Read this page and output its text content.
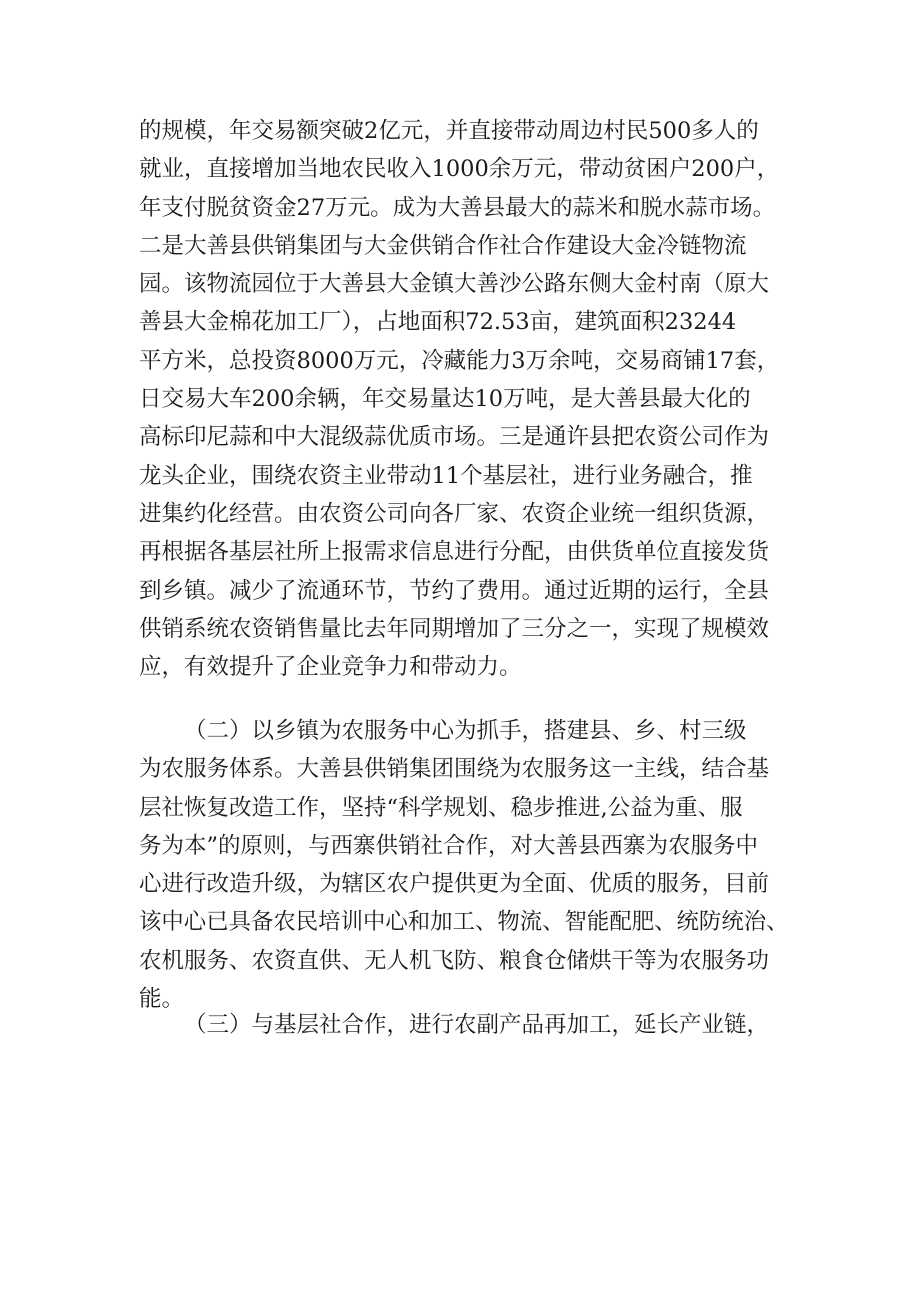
的规模，年交易额突破2亿元，并直接带动周边村民500多人的
就业，直接增加当地农民收入1000余万元，带动贫困户200户，
年支付脱贫资金27万元。成为大善县最大的蒜米和脱水蒜市场。
二是大善县供销集团与大金供销合作社合作建设大金冷链物流
园。该物流园位于大善县大金镇大善沙公路东侧大金村南（原大
善县大金棉花加工厂），占地面积72.53亩，建筑面积23244
平方米，总投资8000万元，冷藏能力3万余吨，交易商铺17套，
日交易大车200余辆，年交易量达10万吨，是大善县最大化的
高标印尼蒜和中大混级蒜优质市场。三是通许县把农资公司作为
龙头企业，围绕农资主业带动11个基层社，进行业务融合，推
进集约化经营。由农资公司向各厂家、农资企业统一组织货源，
再根据各基层社所上报需求信息进行分配，由供货单位直接发货
到乡镇。减少了流通环节，节约了费用。通过近期的运行，全县
供销系统农资销售量比去年同期增加了三分之一，实现了规模效
应，有效提升了企业竞争力和带动力。
（二）以乡镇为农服务中心为抓手，搭建县、乡、村三级
为农服务体系。大善县供销集团围绕为农服务这一主线，结合基
层社恢复改造工作，坚持“科学规划、稳步推进,公益为重、服
务为本”的原则，与西寨供销社合作，对大善县西寨为农服务中
心进行改造升级，为辖区农户提供更为全面、优质的服务，目前
该中心已具备农民培训中心和加工、物流、智能配肥、统防统治、
农机服务、农资直供、无人机飞防、粮食仓储烘干等为农服务功
能。
（三）与基层社合作，进行农副产品再加工，延长产业链，
